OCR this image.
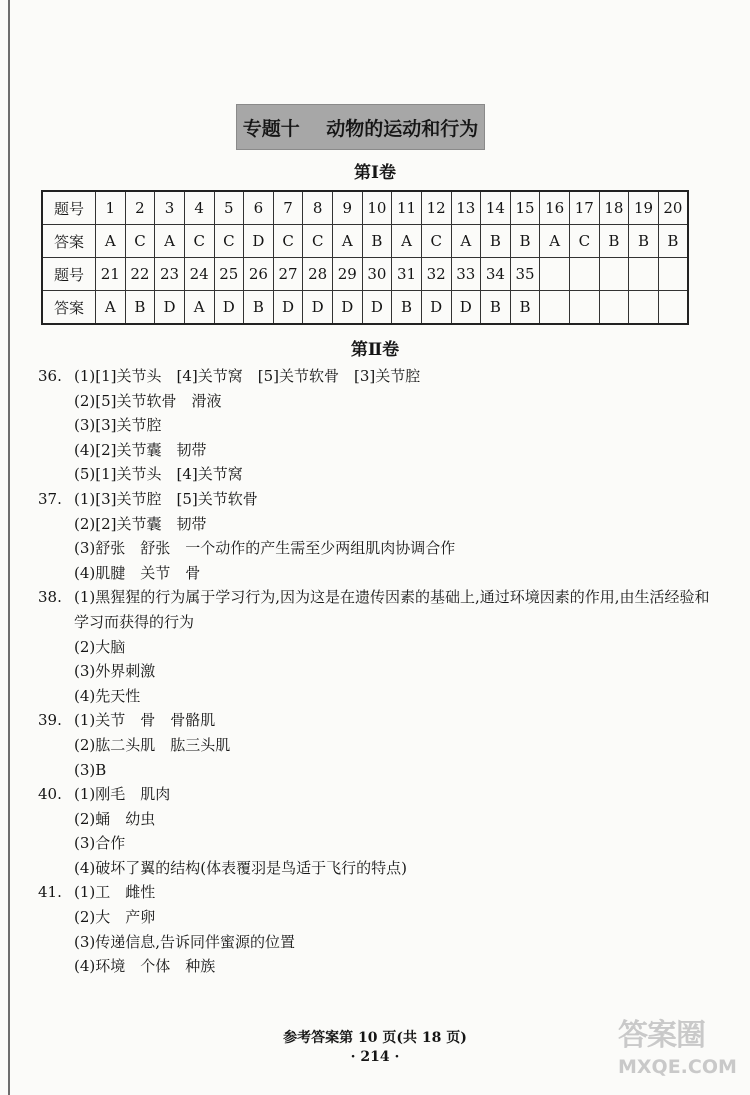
专题十
动物的运动和行为
第Ⅰ卷
题号	1	2	3	4	5	6	7	8	9	10	11	12	13	14	15	16	17	18	19	20
答案	A	C	A	C	C	D	C	C	A	B	A	C	A	B	B	A	C	B	B	B
题号	21	22	23	24	25	26	27	28	29	30	31	32	33	34	35					
答案	A	B	D	A	D	B	D	D	D	D	B	D	D	B	B					
第Ⅱ卷
36. (1)[1]关节头　[4]关节窝　[5]关节软骨　[3]关节腔
(2)[5]关节软骨　滑液
(3)[3]关节腔
(4)[2]关节囊　韧带
(5)[1]关节头　[4]关节窝
37. (1)[3]关节腔　[5]关节软骨
(2)[2]关节囊　韧带
(3)舒张　舒张　一个动作的产生需至少两组肌肉协调合作
(4)肌腱　关节　骨
38. (1)黑猩猩的行为属于学习行为,因为这是在遗传因素的基础上,通过环境因素的作用,由生活经验和学习而获得的行为
(2)大脑
(3)外界刺激
(4)先天性
39. (1)关节　骨　骨骼肌
(2)肱二头肌　肱三头肌
(3)B
40. (1)刚毛　肌肉
(2)蛹　幼虫
(3)合作
(4)破坏了翼的结构(体表覆羽是鸟适于飞行的特点)
41. (1)工　雌性
(2)大　产卵
(3)传递信息,告诉同伴蜜源的位置
(4)环境　个体　种族
参考答案第 10 页(共 18 页)
· 214 ·
答案圈
MXQE.COM
